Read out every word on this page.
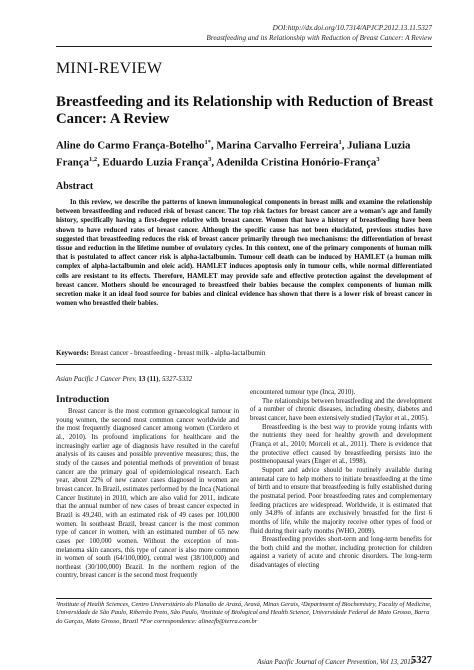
DOI:http://dx.doi.org/10.7314/APJCP.2012.13.11.5327
Breastfeeding and its Relationship with Reduction of Breast Cancer: A Review
MINI-REVIEW
Breastfeeding and its Relationship with Reduction of Breast Cancer: A Review
Aline do Carmo França-Botelho$^{1*}$, Marina Carvalho Ferreira$^1$, Juliana Luzia França$^{1,2}$, Eduardo Luzia França$^3$, Adenilda Cristina Honório-França$^3$
Abstract
In this review, we describe the patterns of known immunological components in breast milk and examine the relationship between breastfeeding and reduced risk of breast cancer. The top risk factors for breast cancer are a woman’s age and family history, specifically having a first-degree relative with breast cancer. Women that have a history of breastfeeding have been shown to have reduced rates of breast cancer. Although the specific cause has not been elucidated, previous studies have suggested that breastfeeding reduces the risk of breast cancer primarily through two mechanisms: the differentiation of breast tissue and reduction in the lifetime number of ovulatory cycles. In this context, one of the primary components of human milk that is postulated to affect cancer risk is alpha-lactalbumin. Tumour cell death can be induced by HAMLET (a human milk complex of alpha-lactalbumin and oleic acid). HAMLET induces apoptosis only in tumour cells, while normal differentiated cells are resistant to its effects. Therefore, HAMLET may provide safe and effective protection against the development of breast cancer. Mothers should be encouraged to breastfeed their babies because the complex components of human milk secretion make it an ideal food source for babies and clinical evidence has shown that there is a lower risk of breast cancer in women who breastfed their babies.
Keywords: Breast cancer - breastfeeding - breast milk - alpha-lactalbumin
Asian Pacific J Cancer Prev, 13 (11), 5327-5332
Introduction

Breast cancer is the most common gynaecological tumour in young women, the second most common cancer worldwide and the most frequently diagnosed cancer among women (Cordero et al., 2010). Its profound implications for healthcare and the increasingly earlier age of diagnosis have resulted in the careful analysis of its causes and possible preventive measures; thus, the study of the causes and potential methods of prevention of breast cancer are the primary goal of epidemiological research. Each year, about 22% of new cancer cases diagnosed in women are breast cancer. In Brazil, estimates performed by the Inca (National Cancer Institute) in 2010, which are also valid for 2011, indicate that the annual number of new cases of breast cancer expected in Brazil is 49,240, with an estimated risk of 49 cases per 100,000 women. In southeast Brazil, breast cancer is the most common type of cancer in women, with an estimated number of 65 new cases per 100,000 women. Without the exception of non-melanoma skin cancers, this type of cancer is also more common in women of south (64/100,000), central west (38/100,000) and northeast (30/100,000) Brazil. In the northern region of the country, breast cancer is the second most frequently

encountered tumour type (Inca, 2010).

The relationships between breastfeeding and the development of a number of chronic diseases, including obesity, diabetes and breast cancer, have been extensively studied (Taylor et al., 2005).

Breastfeeding is the best way to provide young infants with the nutrients they need for healthy growth and development (França et al., 2010; Morceli et al., 2011). There is evidence that the protective effect caused by breastfeeding persists into the postmenopausal years (Enger et al., 1998).

Support and advice should be routinely available during antenatal care to help mothers to initiate breastfeeding at the time of birth and to ensure that breastfeeding is fully established during the postnatal period. Poor breastfeeding rates and complementary feeding practices are widespread. Worldwide, it is estimated that only 34.8% of infants are exclusively breastfed for the first 6 months of life, while the majority receive other types of food or fluid during their early months (WHO, 2009).

Breastfeeding provides short-term and long-term benefits for the both child and the mother, including protection for children against a variety of acute and chronic disorders. The long-term disadvantages of electing

¹Institute of Health Sciences, Centro Universitário do Planalto de Araxá, Araxá, Minas Gerais, ²Department of Biochemistry, Faculty of Medicine, Universidade de São Paulo, Ribeirão Preto, São Paulo, ³Institute of Biological and Health Science, Universidade Federal de Mato Grosso, Barra do Garças, Mato Grosso, Brazil *For correspondence: alinecfb@terra.com.br
Asian Pacific Journal of Cancer Prevention, Vol 13, 2012
5327
